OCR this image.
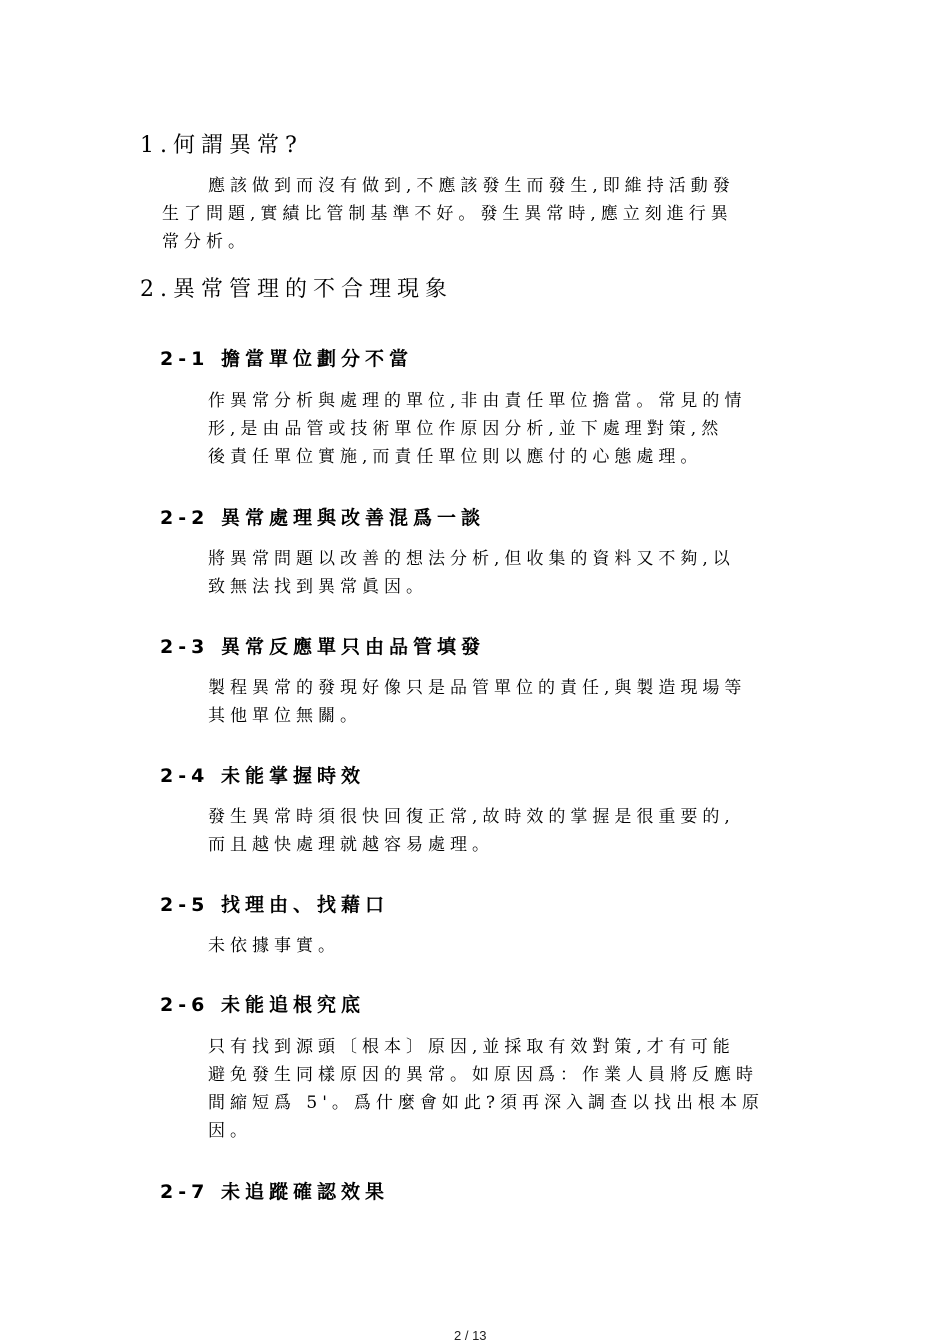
1.何謂異常?
應該做到而沒有做到,不應該發生而發生,即維持活動發
生了問題,實績比管制基準不好。發生異常時,應立刻進行異
常分析。
2.異常管理的不合理現象
2-1 擔當單位劃分不當
作異常分析與處理的單位,非由責任單位擔當。常見的情
形,是由品管或技術單位作原因分析,並下處理對策,然
後責任單位實施,而責任單位則以應付的心態處理。
2-2 異常處理與改善混爲一談
將異常問題以改善的想法分析,但收集的資料又不夠,以
致無法找到異常眞因。
2-3 異常反應單只由品管填發
製程異常的發現好像只是品管單位的責任,與製造現場等
其他單位無關。
2-4 未能掌握時效
發生異常時須很快回復正常,故時效的掌握是很重要的,
而且越快處理就越容易處理。
2-5 找理由、找藉口
未依據事實。
2-6 未能追根究底
只有找到源頭〔根本〕原因,並採取有效對策,才有可能
避免發生同樣原因的異常。如原因爲：作業人員將反應時
間縮短爲 5'。爲什麼會如此?須再深入調查以找出根本原
因。
2-7 未追蹤確認效果
2 / 13
